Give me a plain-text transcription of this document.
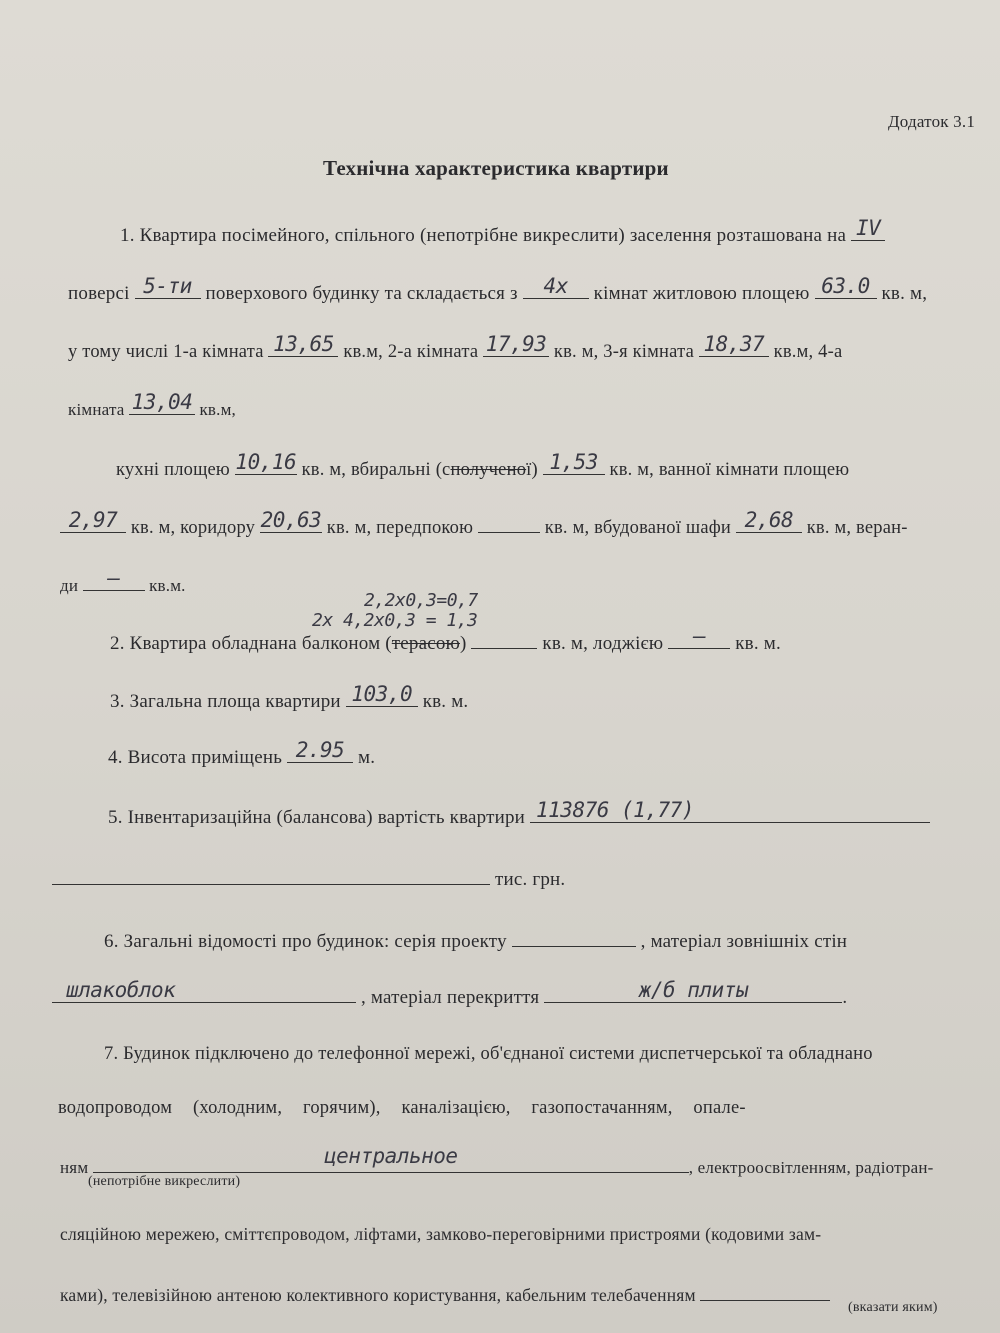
Додаток 3.1
Технічна характеристика квартири
1. Квартира посімейного, спільного (непотрібне викреслити) заселення розташована на IV
поверсі 5-ти поверхового будинку та складається з 4х кімнат житловою площею 63.0 кв. м,
у тому числі 1-а кімната 13,65 кв.м, 2-а кімната 17,93 кв. м, 3-я кімната 18,37 кв.м, 4-а
кімната 13,04 кв.м,
кухні площею 10,16 кв. м, вбиральні (сполученої) 1,53 кв. м, ванної кімнати площею
2,97 кв. м, коридору 20,63 кв. м, передпокою	кв. м, вбудованої шафи 2,68 кв. м, веран-
ди – кв.м.
2,2х0,3=0,7
2х 4,2х0,3 = 1,3
2. Квартира обладнана балконом (терасою)	кв. м, лоджією – кв. м.
3. Загальна площа квартири 103,0 кв. м.
4. Висота приміщень 2.95 м.
5. Інвентаризаційна (балансова) вартість квартири 113876 (1,77)
тис. грн.
6. Загальні відомості про будинок: серія проекту	, матеріал зовнішніх стін
шлакоблок	, матеріал перекриття	ж/б плиты	.
7. Будинок підключено до телефонної мережі, об'єднаної системи диспетчерської та обладнано
водопроводом (холодним, горячим), каналізацією, газопостачанням, опале-
ням	центральное	, електроосвітленням, радіотран-
(непотрібне викреслити)
сляційною мережею, сміттєпроводом, ліфтами, замково-переговірними пристроями (кодовими зам-
ками), телевізійною антеною колективного користування, кабельним телебаченням
(вказати яким)
